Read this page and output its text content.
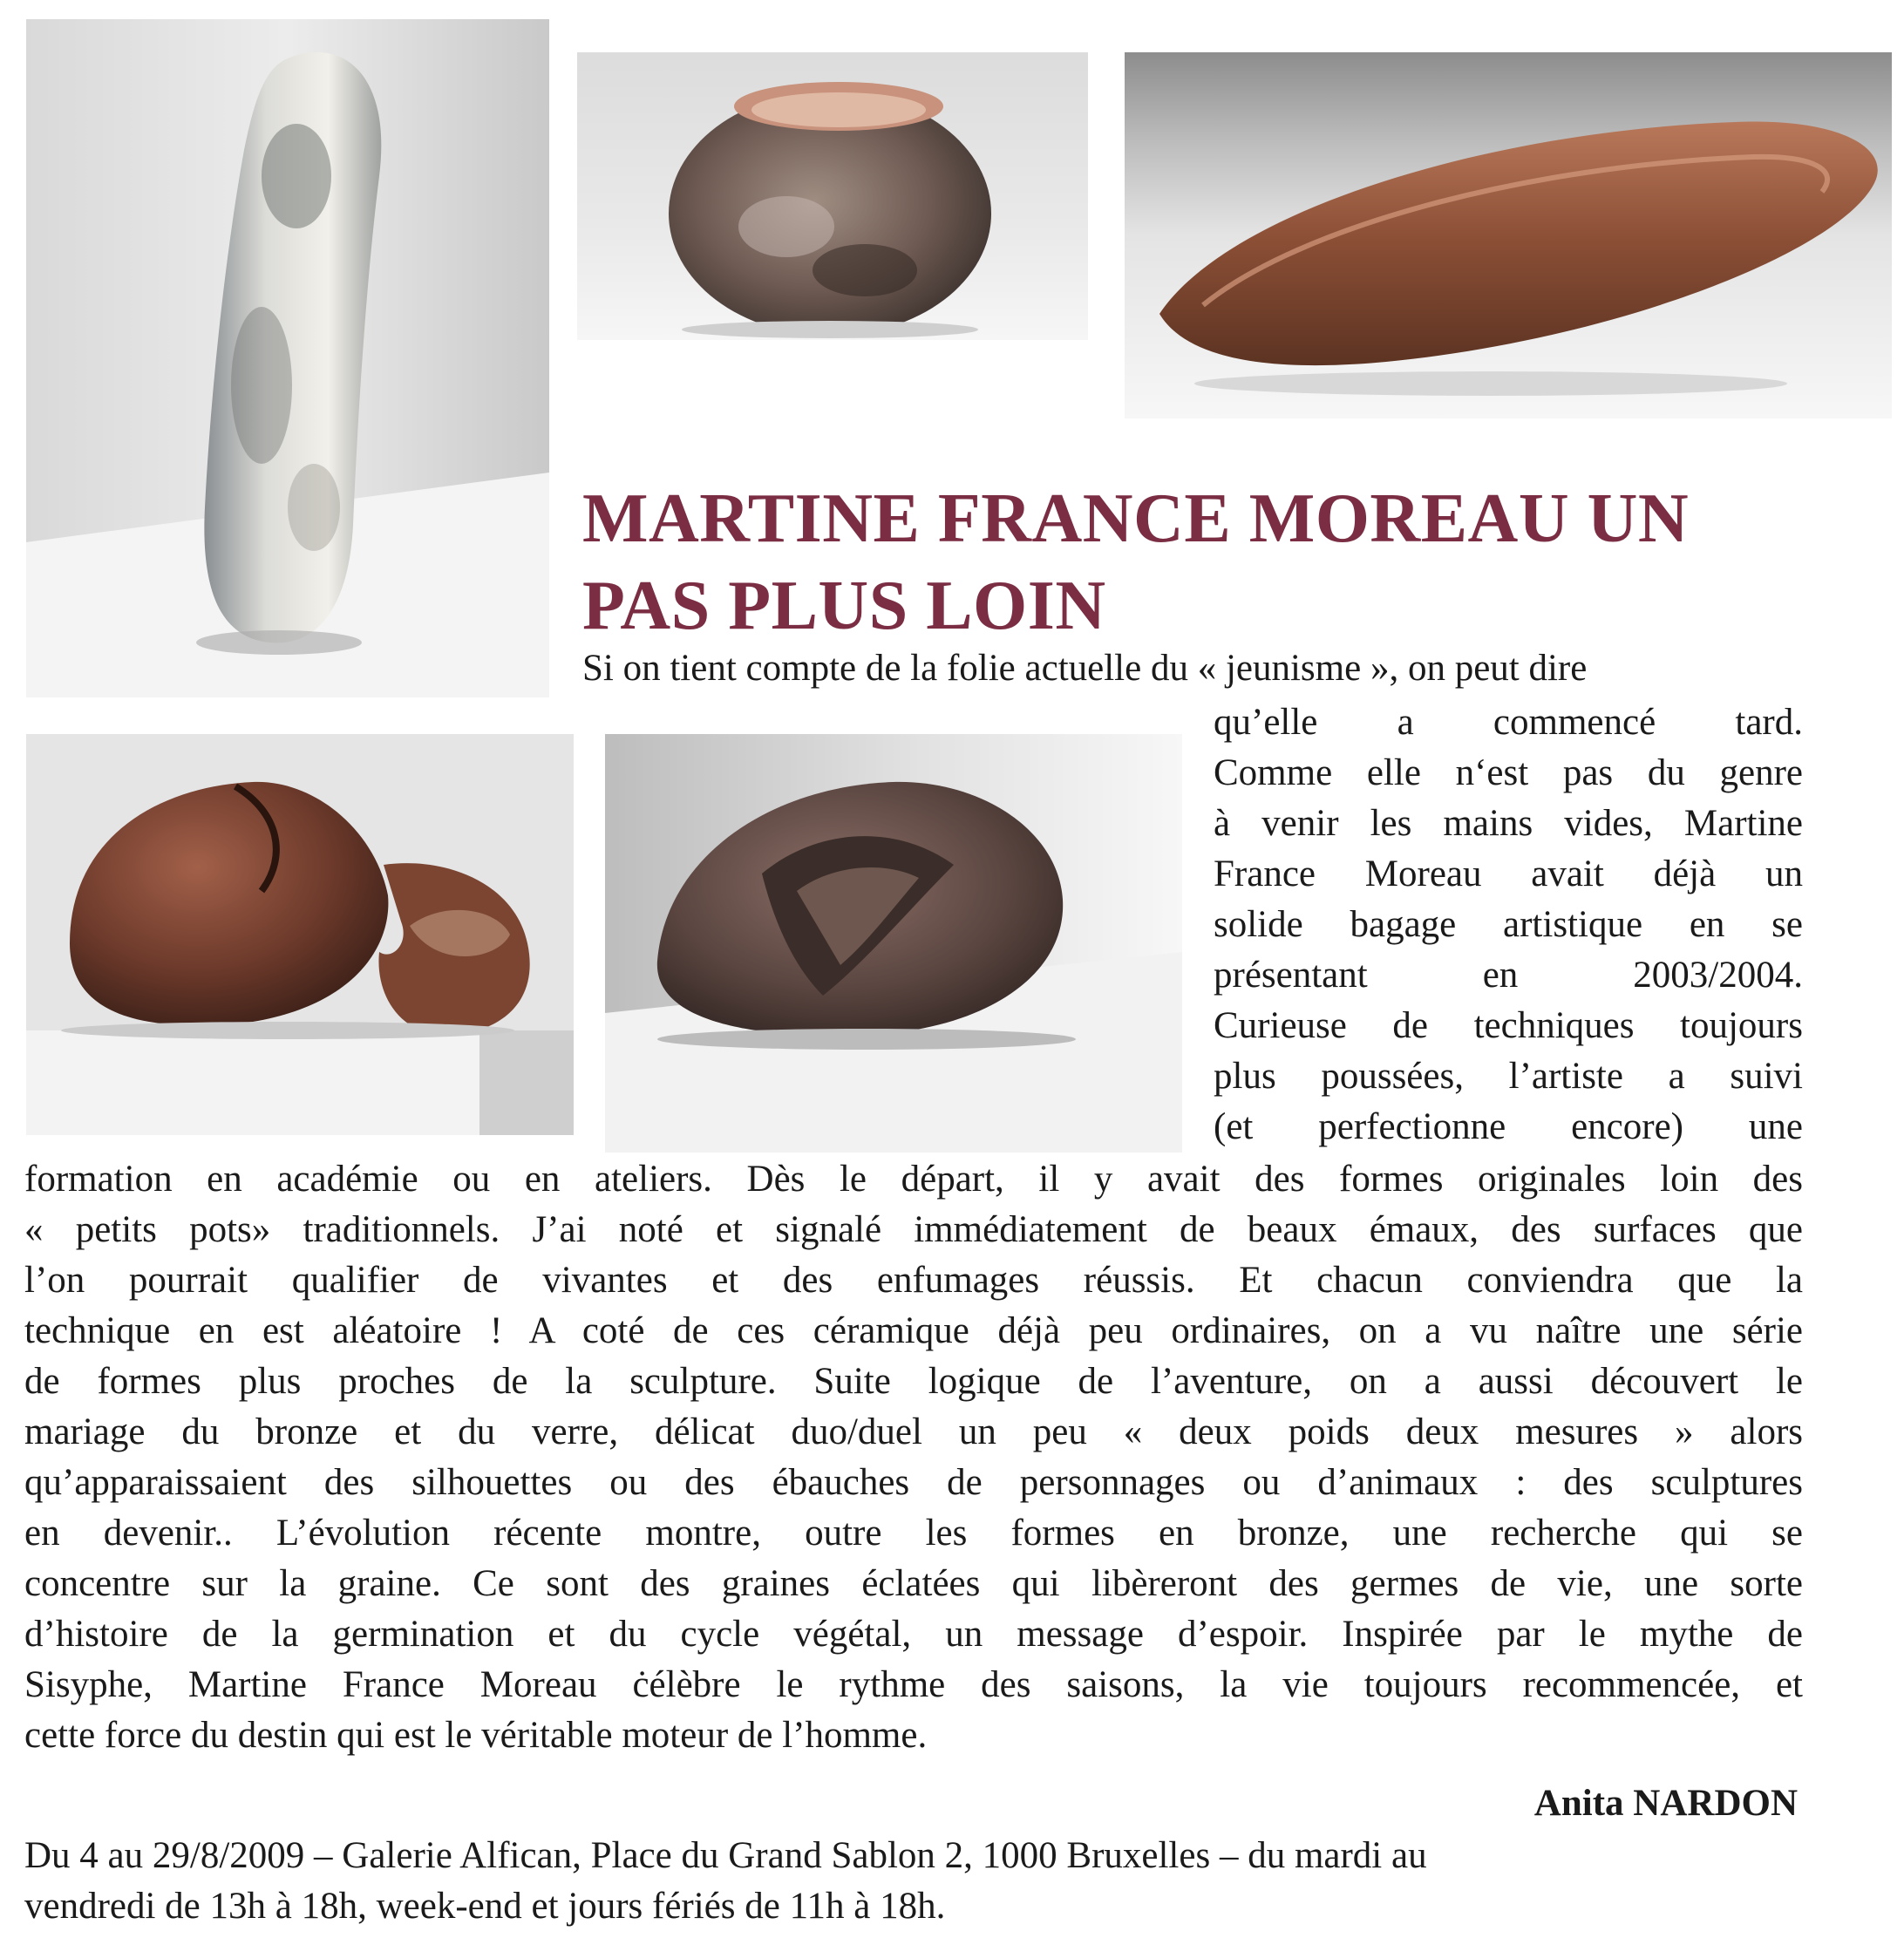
MARTINE FRANCE MOREAU UN
PAS PLUS LOIN
Si on tient compte de la folie actuelle du « jeunisme », on peut dire
qu’elle a commencé tard.
Comme elle n‘est pas du genre
à venir les mains vides, Martine
France Moreau avait déjà un
solide bagage artistique en se
présentant en 2003/2004.
Curieuse de techniques toujours
plus poussées, l’artiste a suivi
(et perfectionne encore) une
formation en académie ou en ateliers. Dès le départ, il y avait des formes originales loin des
« petits pots» traditionnels. J’ai noté et signalé immédiatement de beaux émaux, des surfaces que
l’on pourrait qualifier de vivantes et des enfumages réussis. Et chacun conviendra que la
technique en est aléatoire ! A coté de ces céramique déjà peu ordinaires, on a vu naître une série
de formes plus proches de la sculpture. Suite logique de l’aventure, on a aussi découvert le
mariage du bronze et du verre, délicat duo/duel un peu « deux poids deux mesures » alors
qu’apparaissaient des silhouettes ou des ébauches de personnages ou d’animaux : des sculptures
en devenir.. L’évolution récente montre, outre les formes en bronze, une recherche qui se
concentre sur la graine. Ce sont des graines éclatées qui libèreront des germes de vie, une sorte
d’histoire de la germination et du cycle végétal, un message d’espoir. Inspirée par le mythe de
Sisyphe, Martine France Moreau ċélèbre le rythme des saisons, la vie toujours recommencée, et
cette force du destin qui est le véritable moteur de l’homme.

Anita NARDON

Du 4 au 29/8/2009 – Galerie Alfican, Place du Grand Sablon 2, 1000 Bruxelles – du mardi au
vendredi de 13h à 18h, week-end et jours fériés de 11h à 18h.
